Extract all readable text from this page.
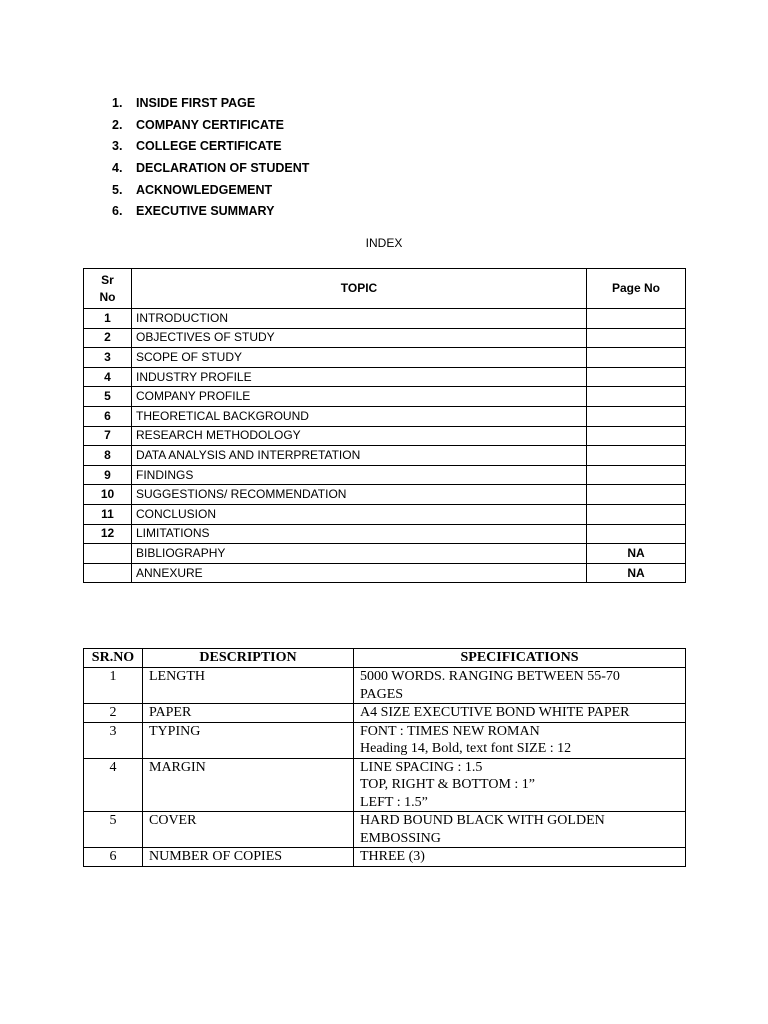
1.	INSIDE FIRST PAGE
2.	COMPANY CERTIFICATE
3.	COLLEGE CERTIFICATE
4.	DECLARATION OF STUDENT
5.	ACKNOWLEDGEMENT
6.	EXECUTIVE SUMMARY
INDEX
Sr
No	TOPIC	Page No
1	INTRODUCTION	
2	OBJECTIVES OF STUDY	
3	SCOPE OF STUDY	
4	INDUSTRY PROFILE	
5	COMPANY PROFILE	
6	THEORETICAL BACKGROUND	
7	RESEARCH METHODOLOGY	
8	DATA ANALYSIS AND INTERPRETATION	
9	FINDINGS	
10	SUGGESTIONS/ RECOMMENDATION	
11	CONCLUSION	
12	LIMITATIONS	
	BIBLIOGRAPHY	NA
	ANNEXURE	NA
SR.NO	DESCRIPTION	SPECIFICATIONS
1	LENGTH	5000 WORDS. RANGING BETWEEN 55-70
PAGES

2	PAPER	A4 SIZE EXECUTIVE BOND WHITE PAPER

3	TYPING	FONT : TIMES NEW ROMAN
Heading 14, Bold, text font SIZE : 12

4	MARGIN	LINE SPACING : 1.5
TOP, RIGHT & BOTTOM : 1”
LEFT : 1.5”

5	COVER	HARD BOUND BLACK WITH GOLDEN
EMBOSSING

6	NUMBER OF COPIES	THREE (3)
